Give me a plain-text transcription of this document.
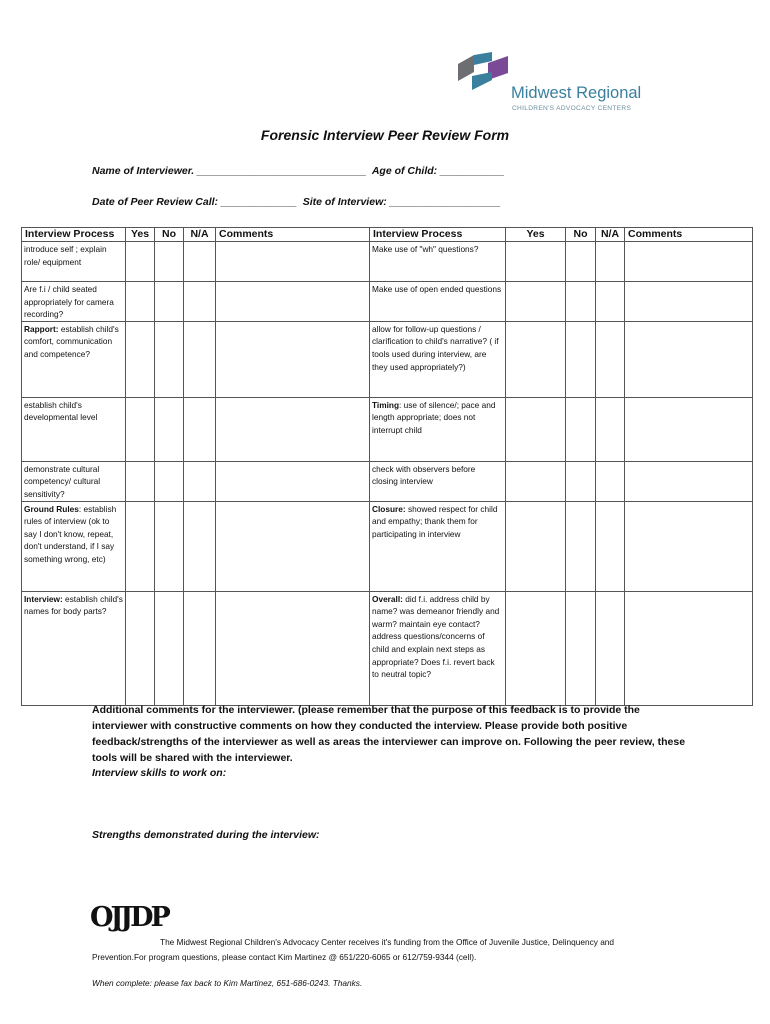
Midwest Regional
CHILDREN'S ADVOCACY CENTERS
Forensic Interview Peer Review Form
Name of Interviewer. _____________________________  Age of Child: ___________
Date of Peer Review Call: _____________  Site of Interview: ___________________
Interview Process	Yes	No	N/A	Comments	Interview Process	Yes	No	N/A	Comments

introduce self ; explain role/ equipment					Make use of "wh" questions?				

Are f.i / child seated appropriately for camera recording?					Make use of open ended questions				

Rapport: establish child's comfort, communication and competence?					allow for follow-up questions / clarification to child's narrative? ( if tools used during interview, are they used appropriately?)				

establish child's developmental level					Timing: use of silence/; pace and length appropriate; does not interrupt child				

demonstrate cultural competency/ cultural sensitivity?					check with observers before closing interview				

Ground Rules: establish rules of interview (ok to say I don't know, repeat, don't understand, if I say something wrong, etc)					Closure: showed respect for child and empathy; thank them for participating in interview				

Interview: establish child's names for body parts?					Overall: did f.i. address child by name? was demeanor friendly and warm? maintain eye contact? address questions/concerns of child and explain next steps as appropriate? Does f.i. revert back to neutral topic?				

Additional comments for the interviewer. (please remember that the purpose of this feedback is to provide the interviewer with constructive comments on how they conducted the interview. Please provide both positive feedback/strengths of the interviewer as well as areas the interviewer can improve on. Following the peer review, these tools will be shared with the interviewer.
Interview skills to work on:
Strengths demonstrated during the interview:
OJJDP
The Midwest Regional Children's Advocacy Center receives it's funding from the Office of Juvenile Justice, Delinquency and
Prevention.For program questions, please contact Kim Martinez @ 651/220-6065 or 612/759-9344 (cell).
When complete: please fax back to Kim Martinez, 651-686-0243. Thanks.
